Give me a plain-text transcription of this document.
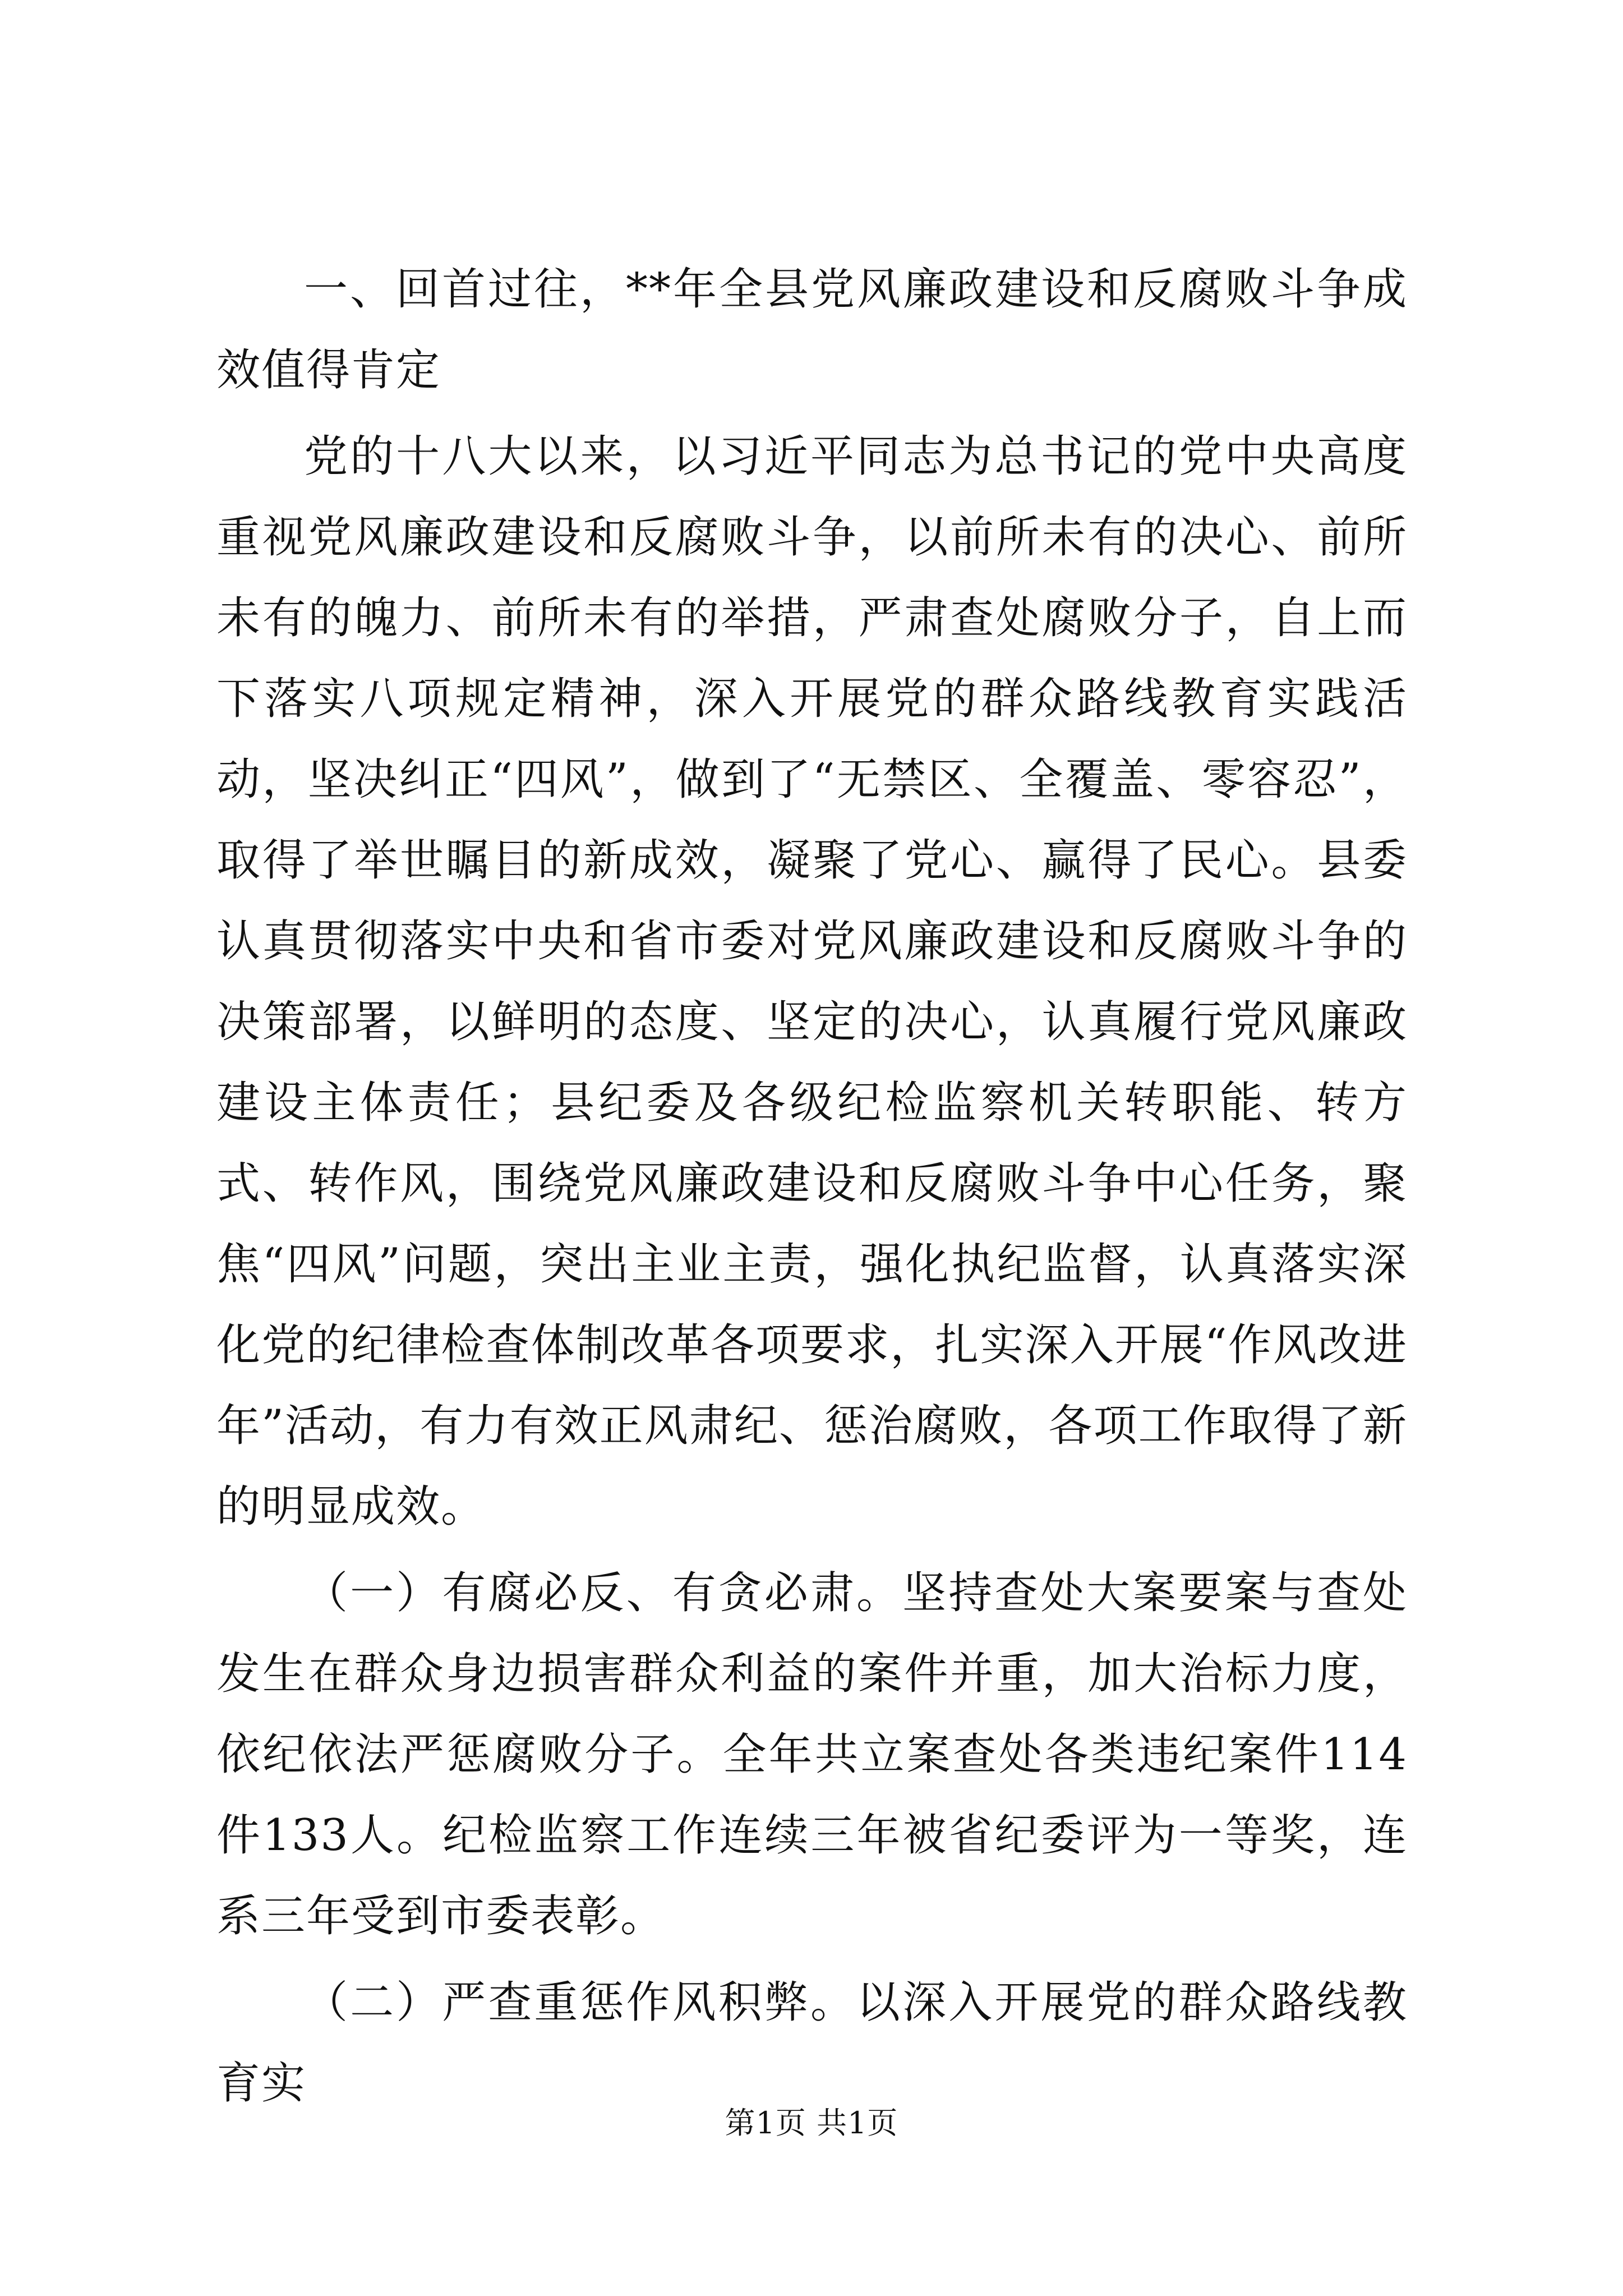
一、回首过往，**年全县党风廉政建设和反腐败斗争成效值得肯定

党的十八大以来，以习近平同志为总书记的党中央高度重视党风廉政建设和反腐败斗争，以前所未有的决心、前所未有的魄力、前所未有的举措，严肃查处腐败分子，自上而下落实八项规定精神，深入开展党的群众路线教育实践活动，坚决纠正“四风”，做到了“无禁区、全覆盖、零容忍”，取得了举世瞩目的新成效，凝聚了党心、赢得了民心。县委认真贯彻落实中央和省市委对党风廉政建设和反腐败斗争的决策部署，以鲜明的态度、坚定的决心，认真履行党风廉政建设主体责任；县纪委及各级纪检监察机关转职能、转方式、转作风，围绕党风廉政建设和反腐败斗争中心任务，聚焦“四风”问题，突出主业主责，强化执纪监督，认真落实深化党的纪律检查体制改革各项要求，扎实深入开展“作风改进年”活动，有力有效正风肃纪、惩治腐败，各项工作取得了新的明显成效。

（一）有腐必反、有贪必肃。坚持查处大案要案与查处发生在群众身边损害群众利益的案件并重，加大治标力度，依纪依法严惩腐败分子。全年共立案查处各类违纪案件114件133人。纪检监察工作连续三年被省纪委评为一等奖，连系三年受到市委表彰。

（二）严查重惩作风积弊。以深入开展党的群众路线教育实

第1页 共1页
